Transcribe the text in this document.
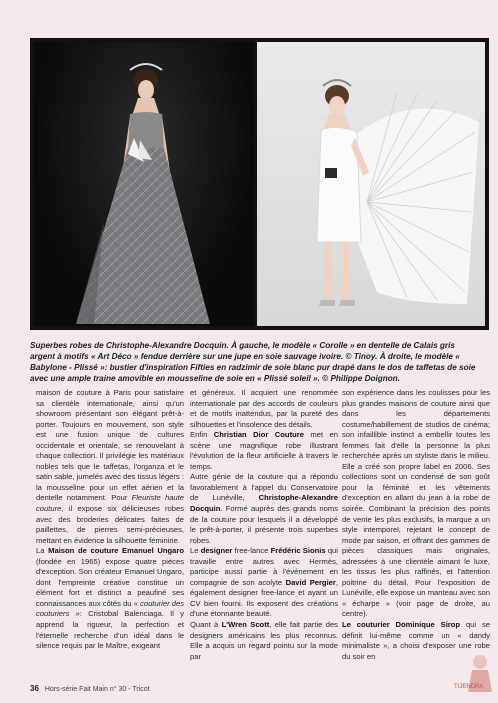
Superbes robes de Christophe-Alexandre Docquin. À gauche, le modèle « Corolle » en dentelle de Calais gris argent à motifs « Art Déco » fendue derrière sur une jupe en soie sauvage ivoire. © Tinoy. À droite, le modèle « Babylone - Plissé »: bustier d'inspiration Fifties en radzimir de soie blanc pur drapé dans le dos de taffetas de soie avec une ample traine amovible en mousseline de soie en « Plissé soleil ». © Philippe Doignon.

maison de couture à Paris pour satisfaire sa clientèle internationale, ainsi qu'un showroom présentant son élégant prêt-à-porter. Toujours en mouvement, son style est une fusion unique de cultures occidentale et orientale, se renouvelant à chaque collection. Il privilégie les matériaux nobles tels que le taffetas, l'organza et le satin sable, jumelés avec des tissus légers : la mousseline pour un effet aérien et la dentelle notamment. Pour Fleuriste haute couture, il expose six délicieuses robes avec des broderies délicates faites de paillettes, de pierres semi-précieuses, mettant en évidence la silhouette féminine.

La Maison de couture Emanuel Ungaro (fondée en 1965) expose quatre pièces d'exception. Son créateur Emanuel Ungaro, dont l'empreinte créative constitue un élément fort et distinct a peaufiné ses connaissances aux côtés du « couturier des couturiers »: Cristobal Balenciaga. Il y apprend la rigueur, la perfection et l'éternelle recherche d'un idéal dans le silence requis par le Maître, exigeant

et généreux. Il acquiert une renommée internationale par des accords de couleurs et de motifs inattendus, par la pureté des silhouettes et l'insolence des détails.

Enfin Christian Dior Couture met en scène une magnifique robe illustrant l'évolution de la fleur artificielle à travers le temps.

Autre génie de la couture qui a répondu favorablement à l'appel du Conservatoire de Lunéville, Christophe-Alexandre Docquin. Formé auprès des grands noms de la couture pour lesquels il a développé le prêt-à-porter, il présente trois superbes robes.

Le designer free-lance Frédéric Sionis qui travaille entre autres avec Hermès, participe aussi partie à l'événement en compagnie de son acolyte David Pergier, également designer free-lance et ayant un CV bien fourni. Ils exposent des créations d'une étonnante beauté.

Quant à L'Wren Scott, elle fait partie des designers américains les plus reconnus. Elle a acquis un regard pointu sur la mode par

son expérience dans les coulisses pour les plus grandes maisons de couture ainsi que dans les départements costume/habillement de studios de cinéma; son infaillible instinct a embellir toutes les femmes fait d'elle la personne la plus recherchée après un styliste dans le milieu. Elle a créé son propre label en 2006. Ses collections sont un condensé de son goût pour la féminité et les vêtements d'exception en allant du jean à la robe de soirée. Combinant la précision des points de vente les plus exclusifs, la marque a un style intemporel, rejetant le concept de mode par saison, et offrant des gammes de pièces classiques mais originales, adressées à une clientèle aimant le luxe, les tissus les plus raffinés, et l'attention poitrine du détail. Pour l'exposition de Lunéville, elle expose un manteau avec son « écharpe » (voir page de droite, au centre).

Le couturier Dominique Sirop qui se définit lui-même comme un « dandy minimaliste », a choisi d'exposer une robe du soir en

36 Hors-série Fait Main n° 30 - Tricot	TIJENDRA
